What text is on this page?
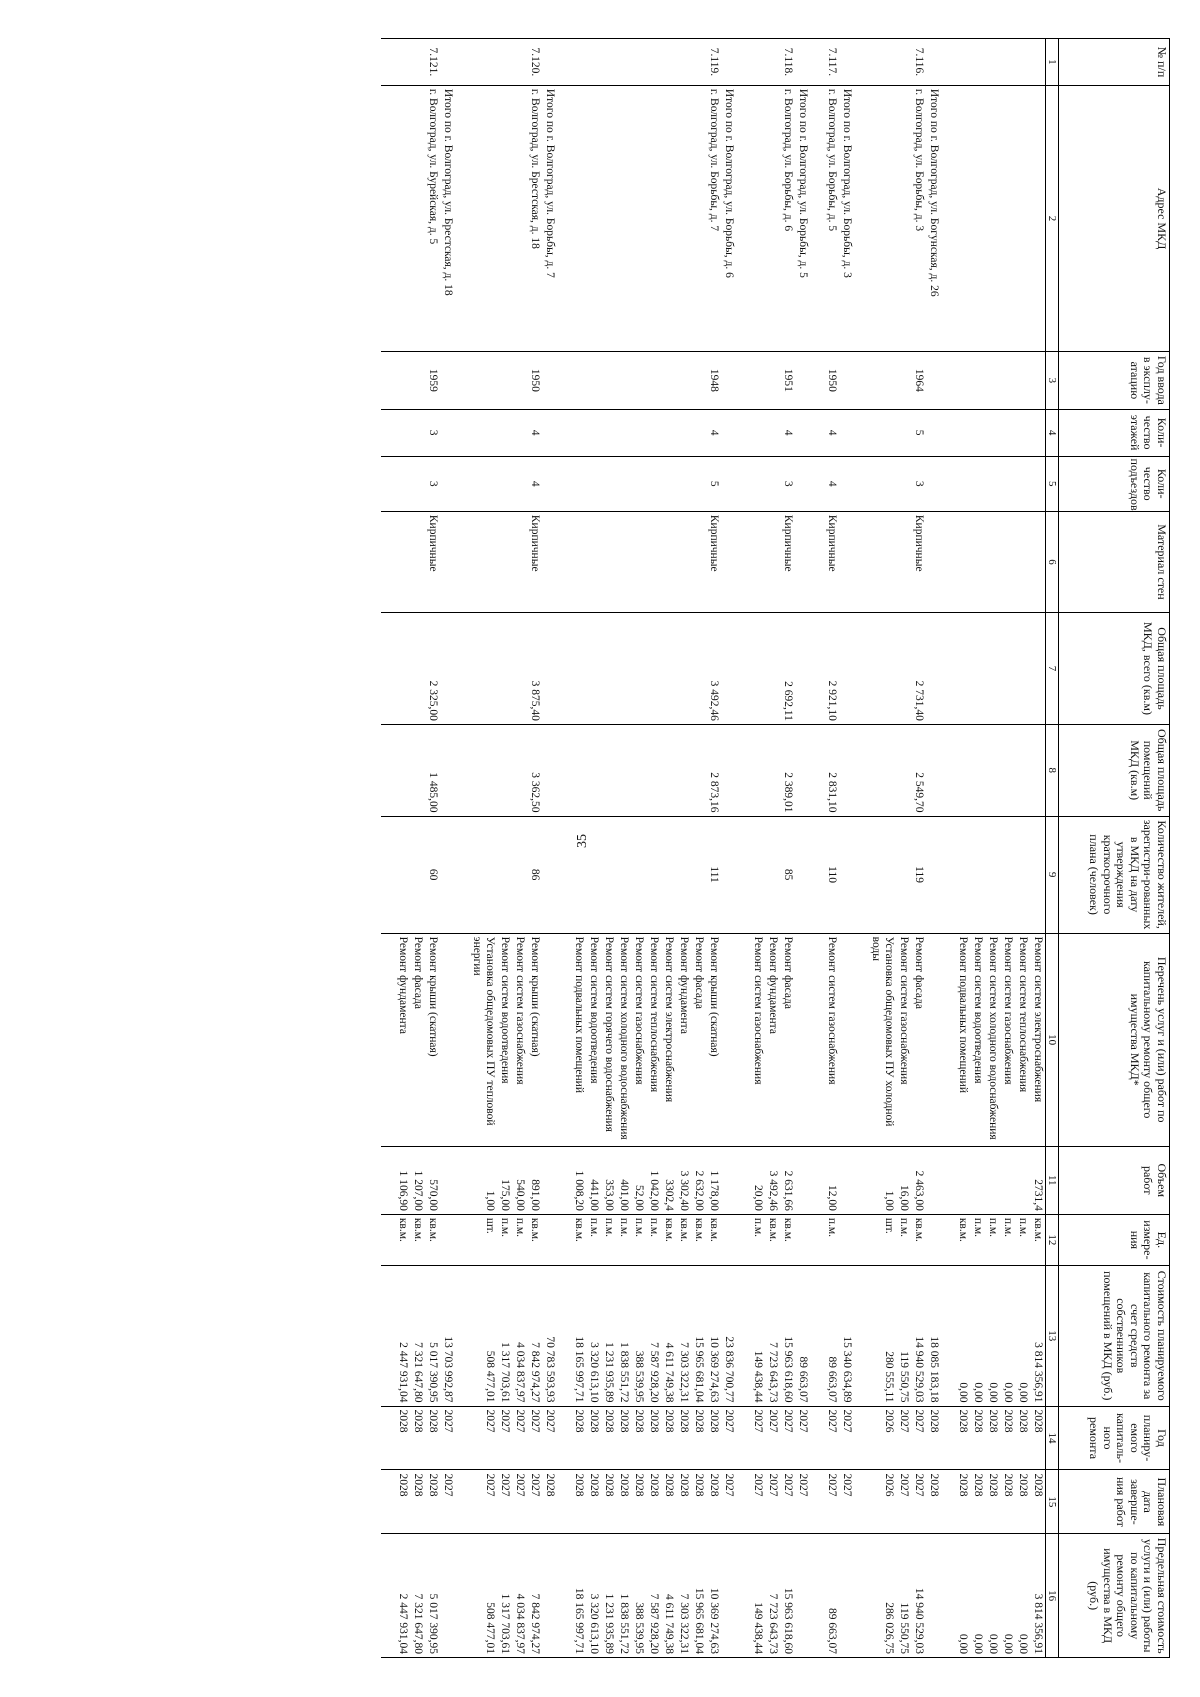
35
№ п/п	Адрес МКД	Год ввода в эксплу-атацию	Коли-чество этажей	Коли-чество подъездов	Материал стен	Общая площадь МКД, всего (кв.м)	Общая площадь помещений МКД (кв.м)	Количество жителей, зарегистри-рованных в МКД на дату утверждения краткосрочного плана (человек)	Перечень услуг и (или) работ по капитальному ремонту общего имущества МКД*	Объем работ	Ед. измере-ния	Стоимость планируемого капитального ремонта за счет средств собственников помещений в МКД (руб.)	Год планиру-емого капиталь-ного ремонта	Плановая дата заверше-ния работ	Предельная стоимость услуги и (или) работы по капитальному ремонту общего имущества в МКД (руб.)
1	2	3	4	5	6	7	8	9	10	11	12	13	14	15	16
									Ремонт систем электроснабжения	2731,4	кв.м.	3 814 356,91	2028	2028	3 814 356,91
									Ремонт систем теплоснабжения		п.м.	0,00	2028	2028	0,00
									Ремонт систем газоснабжения		п.м.	0,00	2028	2028	0,00
									Ремонт систем холодного водоснабжения		п.м.	0,00	2028	2028	0,00
									Ремонт систем водоотведения		п.м.	0,00	2028	2028	0,00
									Ремонт подвальных помещений		кв.м.	0,00	2028	2028	0,00

	Итого по г. Волгоград, ул. Богунская, д. 26											18 085 183,18	2028	2028	
7.116.	г. Волгоград, ул. Борьбы, д. 3	1964	5	3	Кирпичные	2 731,40	2 549,70	119	Ремонт фасада	2 463,00	кв.м.	14 940 529,03	2027	2027	14 940 529,03
									Ремонт систем газоснабжения	16,00	п.м.	119 550,75	2027	2027	119 550,75
									Установка общедомовых ПУ холодной воды	1,00	шт.	280 555,11	2026	2026	286 026,75

	Итого по г. Волгоград, ул. Борьбы, д. 3											15 340 634,89	2027	2027	
7.117.	г. Волгоград, ул. Борьбы, д. 5	1950	4	4	Кирпичные	2 921,10	2 831,10	110	Ремонт систем газоснабжения	12,00	п.м.	89 663,07	2027	2027	89 663,07

	Итого по г. Волгоград, ул. Борьбы, д. 5											89 663,07	2027	2027	
7.118.	г. Волгоград, ул. Борьбы, д. 6	1951	4	3	Кирпичные	2 692,11	2 389,01	85	Ремонт фасада	2 631,66	кв.м.	15 963 618,60	2027	2027	15 963 618,60
									Ремонт фундамента	3 492,46	кв.м.	7 723 643,73	2027	2027	7 723 643,73
									Ремонт систем газоснабжения	20,00	п.м.	149 438,44	2027	2027	149 438,44

	Итого по г. Волгоград, ул. Борьбы, д. 6											23 836 700,77	2027	2027	
7.119.	г. Волгоград, ул. Борьбы, д. 7	1948	4	5	Кирпичные	3 492,46	2 873,16	111	Ремонт крыши (скатная)	1 178,00	кв.м.	10 369 274,63	2028	2028	10 369 274,63
									Ремонт фасада	2 632,00	кв.м.	15 965 681,04	2028	2028	15 965 681,04
									Ремонт фундамента	3 302,40	кв.м.	7 303 322,31	2028	2028	7 303 322,31
									Ремонт систем электроснабжения	3302,4	кв.м.	4 611 749,38	2028	2028	4 611 749,38
									Ремонт систем теплоснабжения	1 042,00	п.м.	7 587 928,20	2028	2028	7 587 928,20
									Ремонт систем газоснабжения	52,00	п.м.	388 539,95	2028	2028	388 539,95
									Ремонт систем холодного водоснабжения	401,00	п.м.	1 838 551,72	2028	2028	1 838 551,72
									Ремонт систем горячего водоснабжения	353,00	п.м.	1 231 935,89	2028	2028	1 231 935,89
									Ремонт систем водоотведения	441,00	п.м.	3 320 613,10	2028	2028	3 320 613,10
									Ремонт подвальных помещений	1 008,20	кв.м.	18 165 997,71	2028	2028	18 165 997,71

	Итого по г. Волгоград, ул. Борьбы, д. 7											70 783 593,93	2027	2028	
7.120.	г. Волгоград, ул. Брестская, д. 18	1950	4	4	Кирпичные	3 875,40	3 362,50	86	Ремонт крыши (скатная)	891,00	кв.м.	7 842 974,27	2027	2027	7 842 974,27
									Ремонт систем газоснабжения	540,00	п.м.	4 034 837,97	2027	2027	4 034 837,97
									Ремонт систем водоотведения	175,00	п.м.	1 317 703,61	2027	2027	1 317 703,61
									Установка общедомовых ПУ тепловой энергии	1,00	шт.	508 477,01	2027	2027	508 477,01

	Итого по г. Волгоград, ул. Брестская, д. 18											13 703 992,87	2027	2027	
7.121.	г. Волгоград, ул. Бурейская, д. 5	1959	3	3	Кирпичные	2 325,00	1 485,00	60	Ремонт крыши (скатная)	570,00	кв.м.	5 017 390,95	2028	2028	5 017 390,95
									Ремонт фасада	1 207,00	кв.м.	7 321 647,80	2028	2028	7 321 647,80
									Ремонт фундамента	1 106,90	кв.м.	2 447 931,04	2028	2028	2 447 931,04
